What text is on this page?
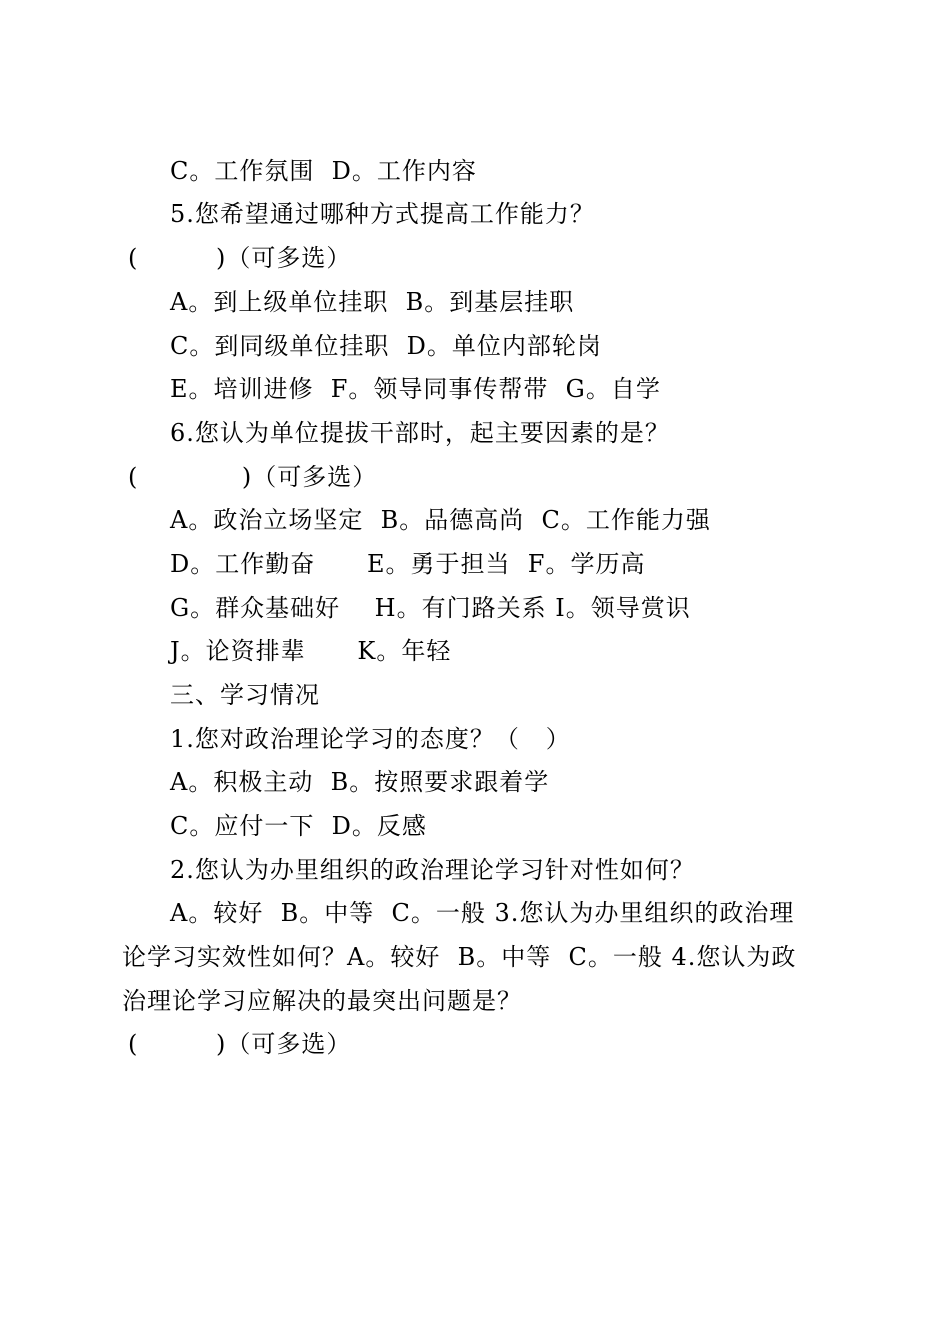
C。工作氛围  D。工作内容
5.您希望通过哪种方式提高工作能力？
(         )（可多选）
A。到上级单位挂职  B。到基层挂职
C。到同级单位挂职  D。单位内部轮岗
E。培训进修  F。领导同事传帮带  G。自学
6.您认为单位提拔干部时，起主要因素的是？
(            )（可多选）
A。政治立场坚定  B。品德高尚  C。工作能力强
D。工作勤奋      E。勇于担当  F。学历高
G。群众基础好    H。有门路关系 I。领导赏识
J。论资排辈      K。年轻
三、学习情况
1.您对政治理论学习的态度？（   ）
A。积极主动  B。按照要求跟着学
C。应付一下  D。反感
2.您认为办里组织的政治理论学习针对性如何？
A。较好  B。中等  C。一般 3.您认为办里组织的政治理
论学习实效性如何？A。较好  B。中等  C。一般 4.您认为政
治理论学习应解决的最突出问题是？
(         )（可多选）
